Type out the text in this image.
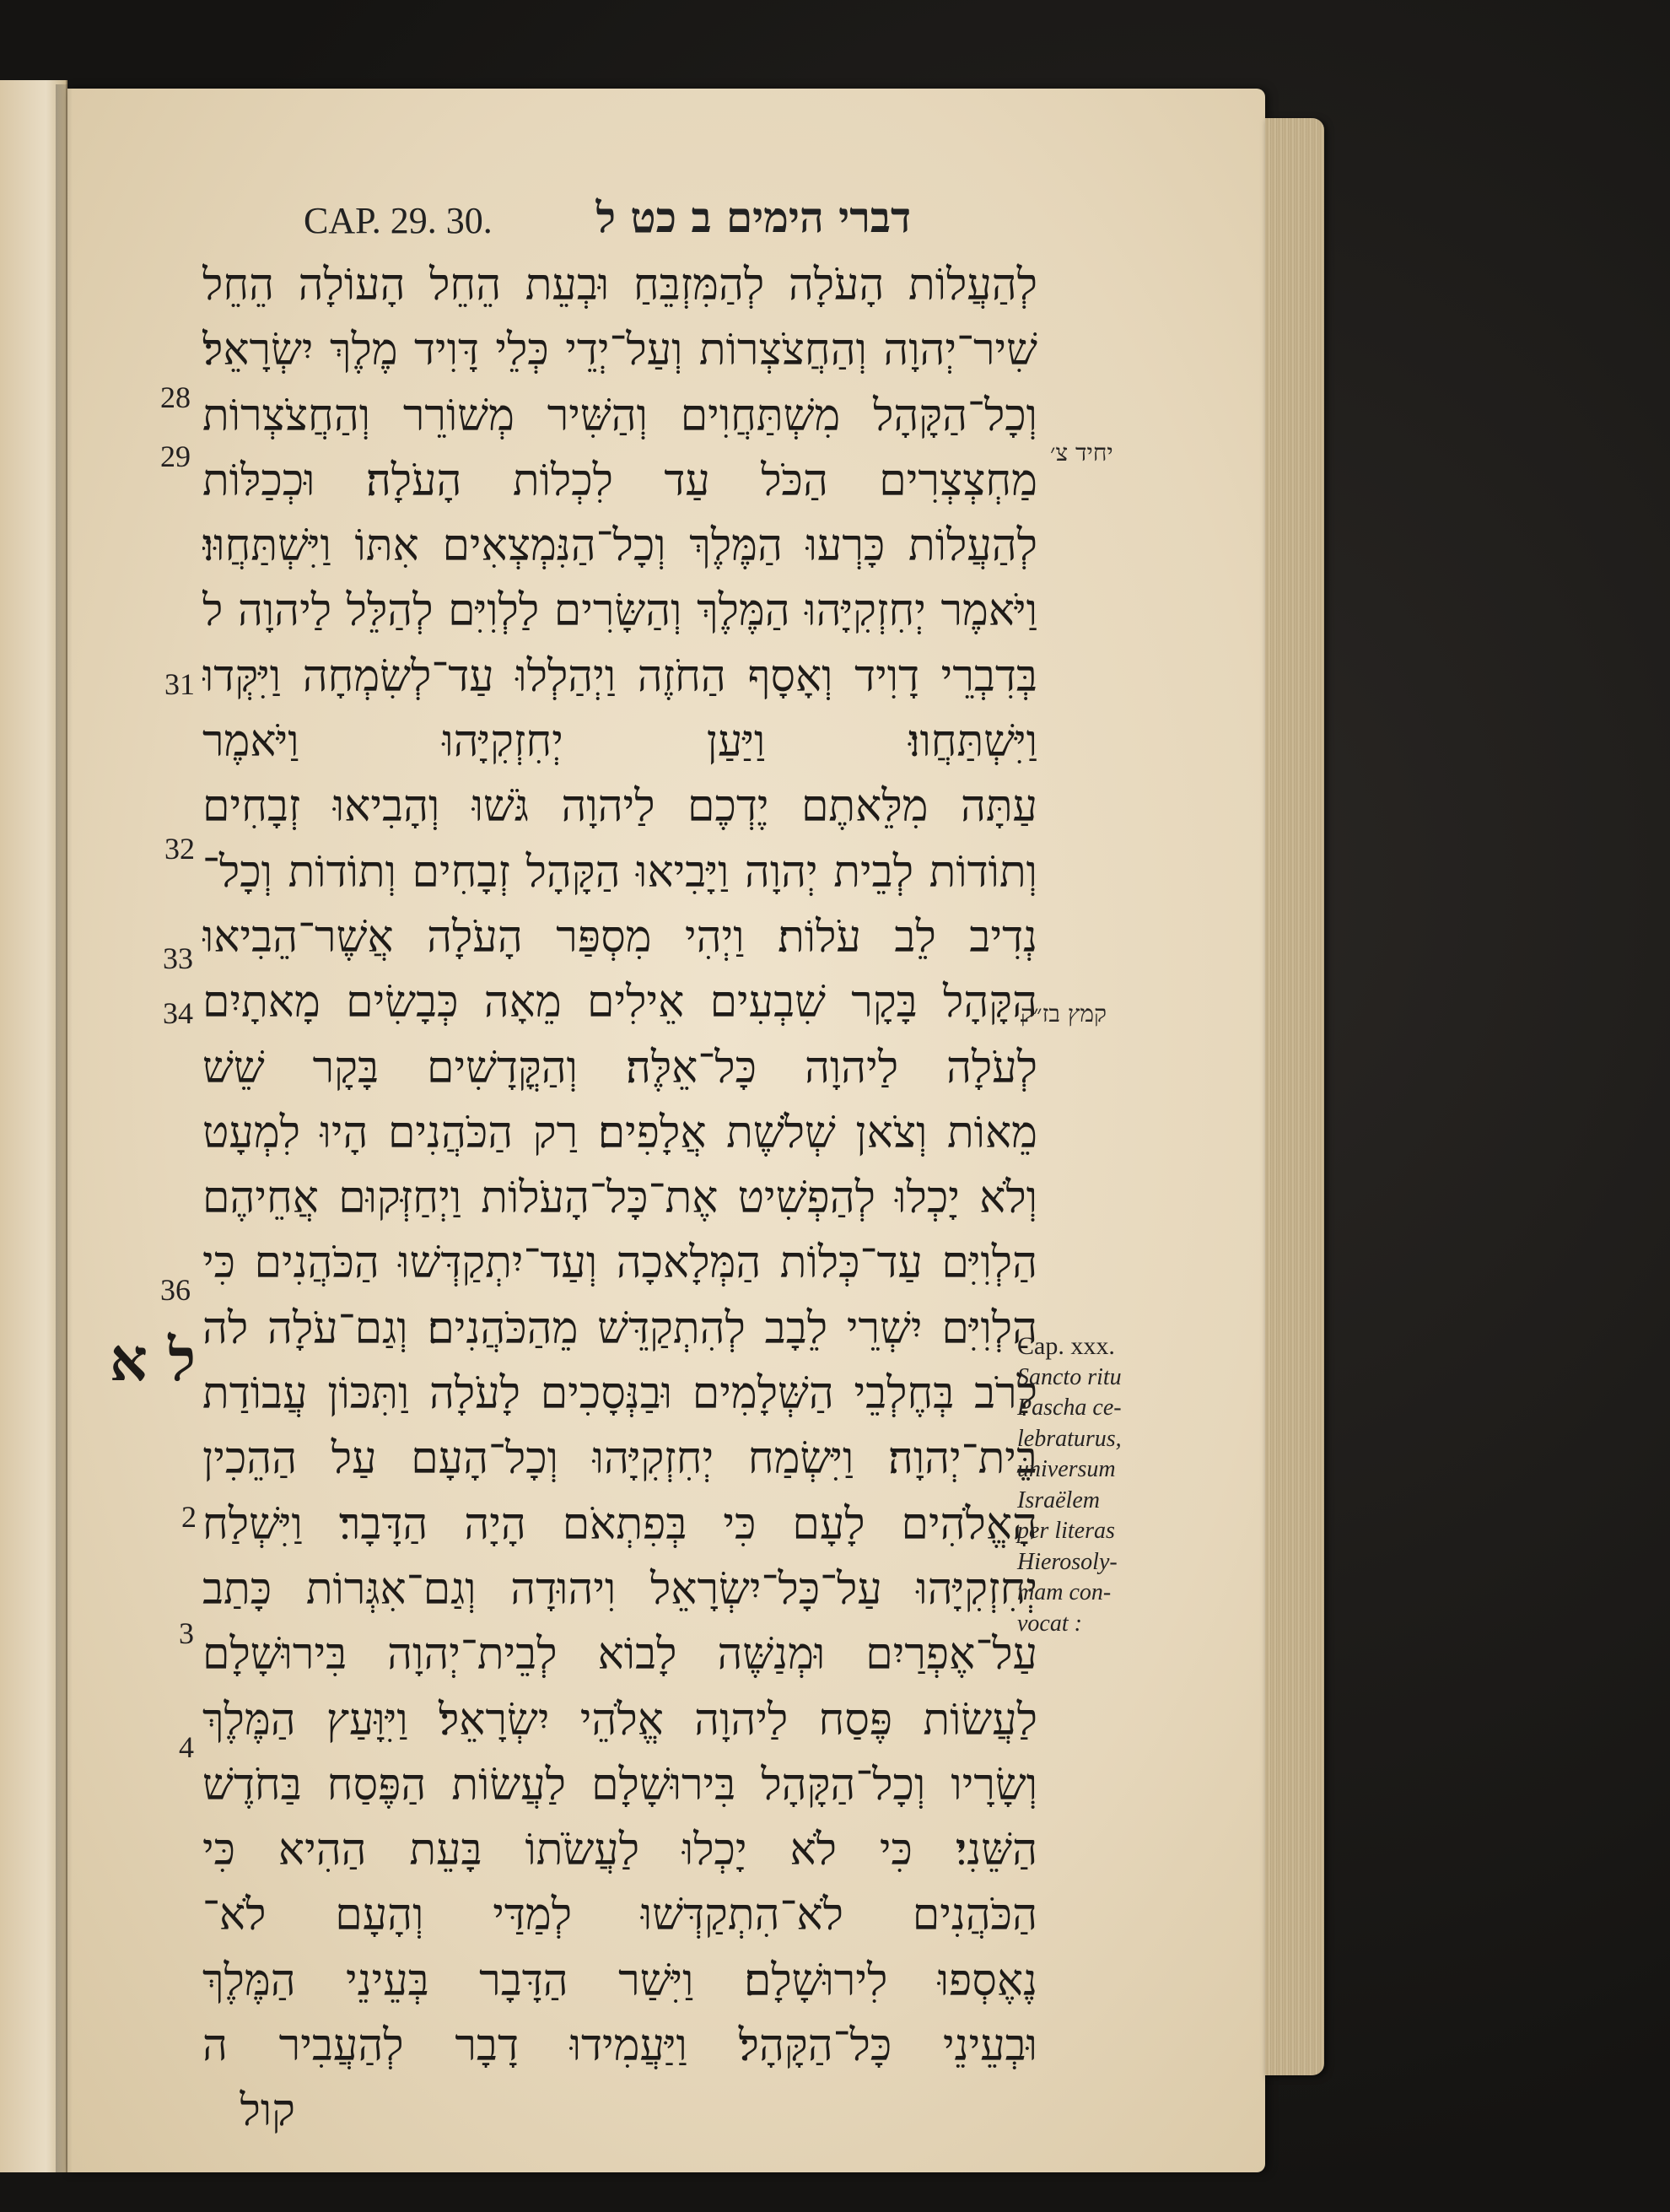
CAP. 29. 30. דברי הימים ב כט ל
לְהַעֲלוֹת הָעֹלָה לְהַמִּזְבֵּחַ וּבְעֵת הֵחֵל הָעוֹלָה הֵחֵל
שִׁיר־יְהוָה וְהַחֲצֹצְרוֹת וְעַל־יְדֵי כְּלֵי דָּוִיד מֶלֶךְ יִשְׂרָאֵל׃
וְכָל־הַקָּהָל מִשְׁתַּחֲוִים וְהַשִּׁיר מְשׁוֹרֵר וְהַחֲצֹצְרוֹת
מַחְצְצְרִים הַכֹּל עַד לִכְלוֹת הָעֹלָה׃ וּכְכַלּוֹת
לְהַעֲלוֹת כָּרְעוּ הַמֶּלֶךְ וְכָל־הַנִּמְצְאִים אִתּוֹ וַיִּשְׁתַּחֲוּוּ׃
וַיֹּאמֶר יְחִזְקִיָּהוּ הַמֶּלֶךְ וְהַשָּׂרִים לַלְוִיִּם לְהַלֵּל לַיהוָה ל
בְּדִבְרֵי דָוִיד וְאָסָף הַחֹזֶה וַיְהַלְלוּ עַד־לְשִׂמְחָה וַיִּקְּדוּ
וַיִּשְׁתַּחֲווּ׃ וַיַּעַן יְחִזְקִיָּהוּ וַיֹּאמֶר
עַתָּה מִלֵּאתֶם יֶדְכֶם לַיהוָה גֹּשׁוּ וְהָבִיאוּ זְבָחִים
וְתוֹדוֹת לְבֵית יְהוָה וַיָּבִיאוּ הַקָּהָל זְבָחִים וְתוֹדוֹת וְכָל־
נְדִיב לֵב עֹלוֹת׃ וַיְהִי מִסְפַּר הָעֹלָה אֲשֶׁר־הֵבִיאוּ
הַקָּהָל בָּקָר שִׁבְעִים אֵילִים מֵאָה כְּבָשִׂים מָאתָיִם
לְעֹלָה לַיהוָה כָּל־אֵלֶּה׃ וְהַקֳּדָשִׁים בָּקָר שֵׁשׁ
מֵאוֹת וְצֹאן שְׁלֹשֶׁת אֲלָפִים׃ רַק הַכֹּהֲנִים הָיוּ לִמְעָט
וְלֹא יָכְלוּ לְהַפְשִׁיט אֶת־כָּל־הָעֹלוֹת וַיְחַזְּקוּם אֲחֵיהֶם
הַלְוִיִּם עַד־כְּלוֹת הַמְּלָאכָה וְעַד־יִתְקַדְּשׁוּ הַכֹּהֲנִים כִּי
הַלְוִיִּם יִשְׁרֵי לֵבָב לְהִתְקַדֵּשׁ מֵהַכֹּהֲנִים׃ וְגַם־עֹלָה לה
לָרֹב בְּחֶלְבֵי הַשְּׁלָמִים וּבַנְּסָכִים לָעֹלָה וַתִּכּוֹן עֲבוֹדַת
בֵּית־יְהוָה׃ וַיִּשְׂמַח יְחִזְקִיָּהוּ וְכָל־הָעָם עַל הַהֵכִין
הָאֱלֹהִים לָעָם כִּי בְּפִתְאֹם הָיָה הַדָּבָר׃ וַיִּשְׁלַח
יְחִזְקִיָּהוּ עַל־כָּל־יִשְׂרָאֵל וִיהוּדָה וְגַם־אִגְּרוֹת כָּתַב
עַל־אֶפְרַיִם וּמְנַשֶּׁה לָבוֹא לְבֵית־יְהוָה בִּירוּשָׁלָם
לַעֲשׂוֹת פֶּסַח לַיהוָה אֱלֹהֵי יִשְׂרָאֵל׃ וַיִּוָּעַץ הַמֶּלֶךְ
וְשָׂרָיו וְכָל־הַקָּהָל בִּירוּשָׁלָם לַעֲשׂוֹת הַפֶּסַח בַּחֹדֶשׁ
הַשֵּׁנִי׃ כִּי לֹא יָכְלוּ לַעֲשֹׂתוֹ בָּעֵת הַהִיא כִּי
הַכֹּהֲנִים לֹא־הִתְקַדְּשׁוּ לְמַדַּי וְהָעָם לֹא־
נֶאֶסְפוּ לִירוּשָׁלָם׃ וַיִּשַׁר הַדָּבָר בְּעֵינֵי הַמֶּלֶךְ
וּבְעֵינֵי כָּל־הַקָּהָל׃ וַיַּעֲמִידוּ דָבָר לְהַעֲבִיר ה
קול
28
29
31
32
33
34
36
2
3
4
ל א
יחיד צ׳
קמץ בז״ק
Cap. xxx.
Sancto ritu
Pascha ce-
lebraturus,
universum
Israëlem
per literas
Hierosoly-
mam con-
vocat :
